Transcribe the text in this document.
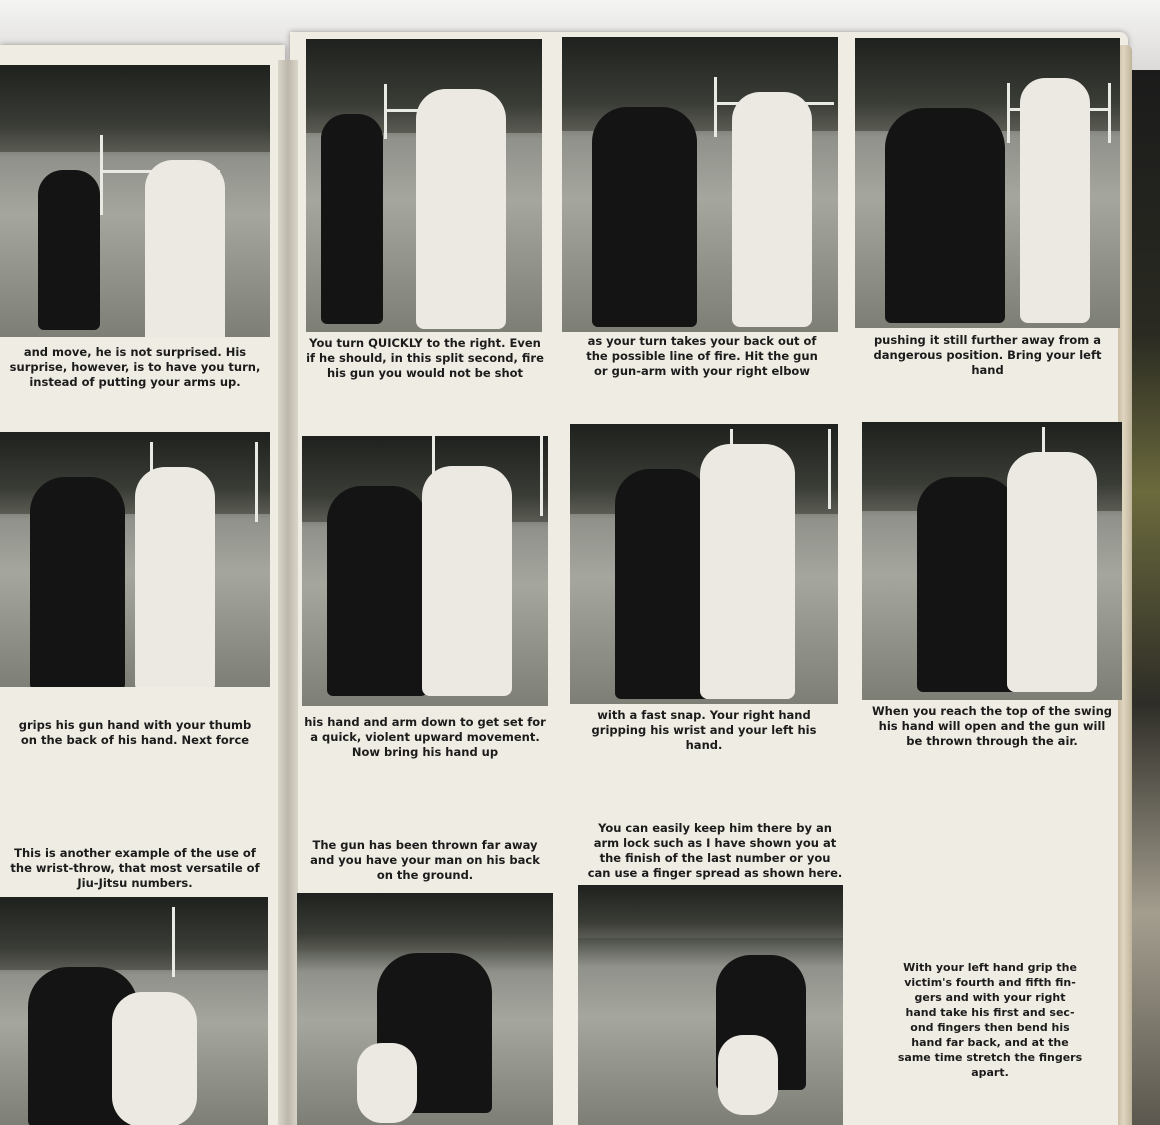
and move, he is not surprised. His
surprise, however, is to have you turn,
instead of putting your arms up.
grips his gun hand with your thumb
on the back of his hand. Next force
This is another example of the use of
the wrist-throw, that most versatile of
Jiu-Jitsu numbers.
You turn QUICKLY to the right. Even
if he should, in this split second, fire
his gun you would not be shot
as your turn takes your back out of
the possible line of fire. Hit the gun
or gun-arm with your right elbow
pushing it still further away from a
dangerous position. Bring your left
hand
his hand and arm down to get set for
a quick, violent upward movement.
Now bring his hand up
with a fast snap. Your right hand
gripping his wrist and your left his
hand.
When you reach the top of the swing
his hand will open and the gun will
be thrown through the air.
The gun has been thrown far away
and you have your man on his back
on the ground.
You can easily keep him there by an
arm lock such as I have shown you at
the finish of the last number or you
can use a finger spread as shown here.
With your left hand grip the
victim's fourth and fifth fin-
gers and with your right
hand take his first and sec-
ond fingers then bend his
hand far back, and at the
same time stretch the fingers
apart.
